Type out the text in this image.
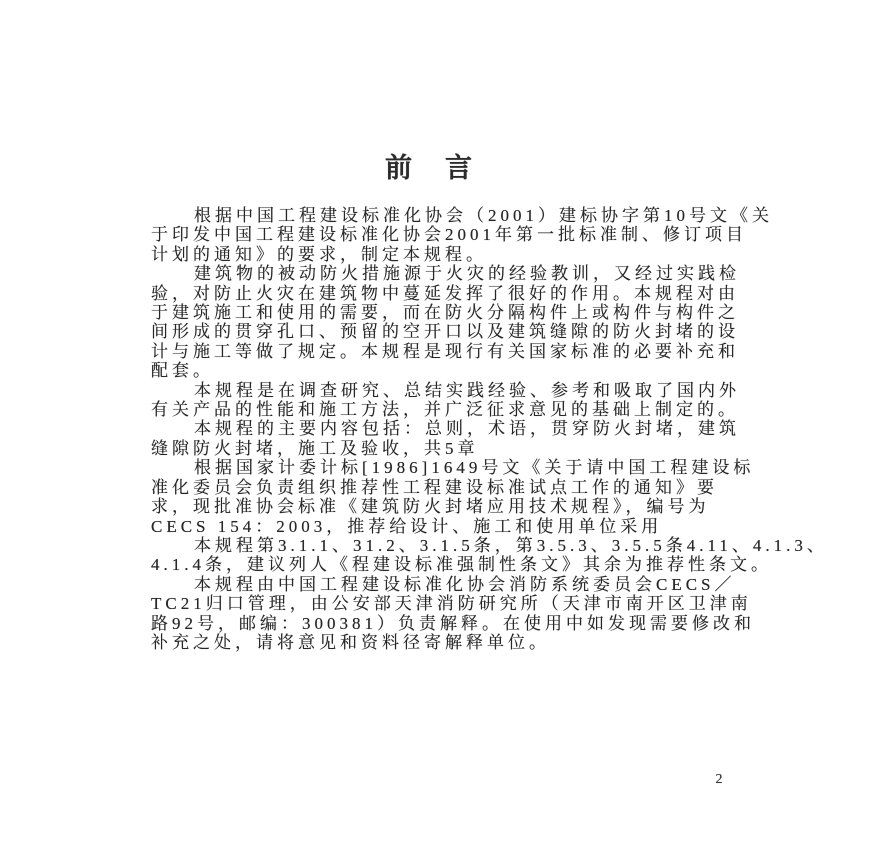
前　言
根据中国工程建设标准化协会（2001）建标协字第10号文《关
于印发中国工程建设标准化协会2001年第一批标准制、修订项目
计划的通知》的要求，制定本规程。
建筑物的被动防火措施源于火灾的经验教训，又经过实践检
验，对防止火灾在建筑物中蔓延发挥了很好的作用。本规程对由
于建筑施工和使用的需要，而在防火分隔构件上或构件与构件之
间形成的贯穿孔口、预留的空开口以及建筑缝隙的防火封堵的设
计与施工等做了规定。本规程是现行有关国家标准的必要补充和
配套。
本规程是在调查研究、总结实践经验、参考和吸取了国内外
有关产品的性能和施工方法，并广泛征求意见的基础上制定的。
本规程的主要内容包括：总则，术语，贯穿防火封堵，建筑
缝隙防火封堵，施工及验收，共5章
根据国家计委计标[1986]1649号文《关于请中国工程建设标
准化委员会负责组织推荐性工程建设标准试点工作的通知》要
求，现批准协会标准《建筑防火封堵应用技术规程》，编号为
CECS 154：2003，推荐给设计、施工和使用单位采用
本规程第3.1.1、31.2、3.1.5条，第3.5.3、3.5.5条4.11、4.1.3、
4.1.4条，建议列人《程建设标准强制性条文》其余为推荐性条文。
本规程由中国工程建设标准化协会消防系统委员会CECS／
TC21归口管理，由公安部天津消防研究所（天津市南开区卫津南
路92号，邮编：300381）负责解释。在使用中如发现需要修改和
补充之处，请将意见和资料径寄解释单位。
2
